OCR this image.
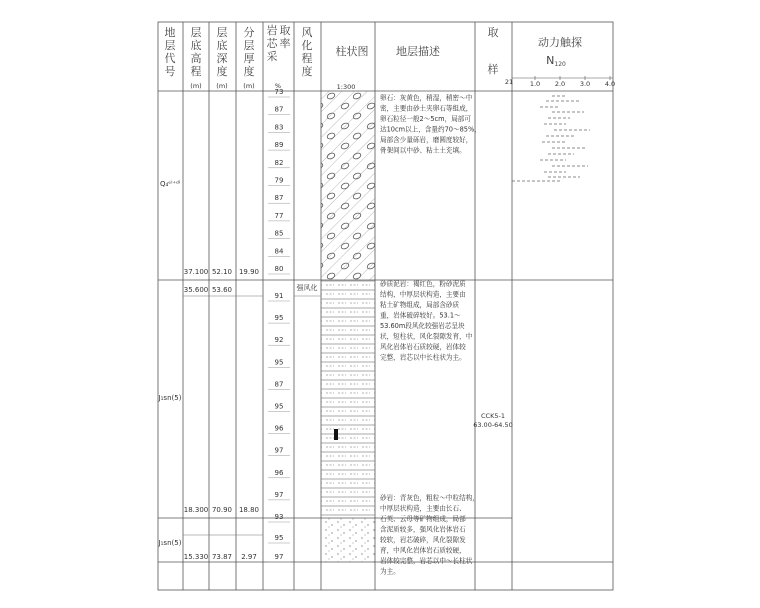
地层代号
层底高程
(m)
层底深度
(m)
分层厚度
(m)
岩芯采取率
%
风化程度
柱状图
1:300
地层描述
取样
动力触探
N120
Q₄ᵉˡ⁺ᵈˡ
37.100 52.10 19.90
J₁sn(5)
18.300 70.90 18.80
强风化
J₁sn(5)
15.330 73.87 2.97
35.600 53.60
73
87
83
89
82
79
87
77
85
84
80
91
95
92
95
87
95
96
97
96
97
93
95
97
卵石：灰黄色，稍湿，稍密～中
密，主要由砂土夹卵石等组成，
卵石粒径一般2～5cm，局部可
达10cm以上，含量约70～85%，
局部含少量砾岩，磨圆度较好，
骨架间以中砂、粘土土充填。
砂质泥岩：褐红色，粉砂泥质
结构，中厚层状构造，主要由
粘土矿物组成，局部含砂质
重，岩体破碎较好。53.1～
53.60m段风化较强岩芯呈块
状，短柱状，风化裂隙发育，中
风化岩体岩石质较硬，岩体较
完整，岩芯以中长柱状为主。
砂岩：青灰色，粗粒～中粒结构，
中厚层状构造，主要由长石、
石英、云母等矿物组成，局部
含泥质较多，强风化岩体岩石
较软，岩芯破碎，风化裂隙发
育，中风化岩体岩石质较硬，
岩体较完整，岩芯以中～长柱状
为主。
CCK5-1
63.00-64.50
21	1.0 2.0 3.0 4.0
